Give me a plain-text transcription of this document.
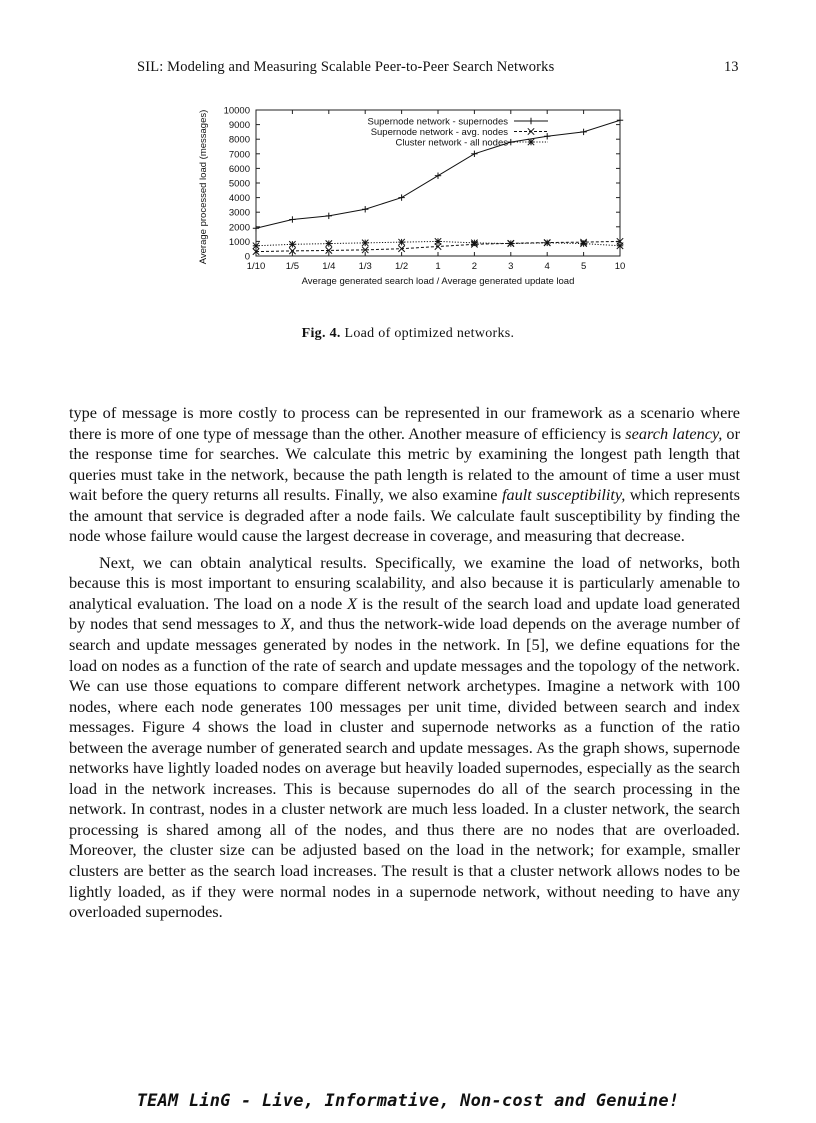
SIL: Modeling and Measuring Scalable Peer-to-Peer Search Networks	13
0
1000
2000
3000
4000
5000
6000
7000
8000
9000
10000
1/10 1/5 1/4 1/3 1/2	1	2	3	4	5	10
Supernode network - supernodes
Supernode network - avg. nodes
Cluster network - all nodes
Average generated search load / Average generated update load
Average processed load (messages)
Fig. 4. Load of optimized networks.

type of message is more costly to process can be represented in our framework as a scenario where there is more of one type of message than the other. Another measure of efficiency is search latency, or the response time for searches. We calculate this metric by examining the longest path length that queries must take in the network, because the path length is related to the amount of time a user must wait before the query returns all results. Finally, we also examine fault susceptibility, which represents the amount that service is degraded after a node fails. We calculate fault susceptibility by finding the node whose failure would cause the largest decrease in coverage, and measuring that decrease.

Next, we can obtain analytical results. Specifically, we examine the load of networks, both because this is most important to ensuring scalability, and also because it is particularly amenable to analytical evaluation. The load on a node X is the result of the search load and update load generated by nodes that send messages to X, and thus the network-wide load depends on the average number of search and update messages generated by nodes in the network. In [5], we define equations for the load on nodes as a function of the rate of search and update messages and the topology of the network. We can use those equations to compare different network archetypes. Imagine a network with 100 nodes, where each node generates 100 messages per unit time, divided between search and index messages. Figure 4 shows the load in cluster and supernode networks as a function of the ratio between the average number of generated search and update messages. As the graph shows, supernode networks have lightly loaded nodes on average but heavily loaded supernodes, especially as the search load in the network increases. This is because supernodes do all of the search processing in the network. In contrast, nodes in a cluster network are much less loaded. In a cluster network, the search processing is shared among all of the nodes, and thus there are no nodes that are overloaded. Moreover, the cluster size can be adjusted based on the load in the network; for example, smaller clusters are better as the search load increases. The result is that a cluster network allows nodes to be lightly loaded, as if they were normal nodes in a supernode network, without needing to have any overloaded supernodes.

TEAM LinG - Live, Informative, Non-cost and Genuine!
